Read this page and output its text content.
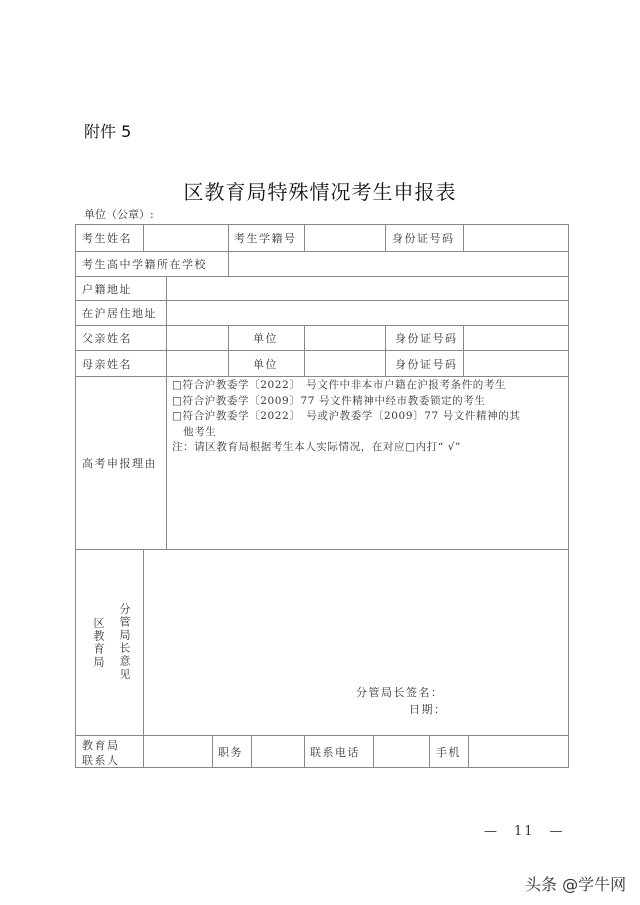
附件 5
区教育局特殊情况考生申报表
单位（公章）:
考生姓名	考生学籍号	身份证号码
考生高中学籍所在学校
户籍地址
在沪居住地址
父亲姓名	单位	身份证号码
母亲姓名	单位	身份证号码
高考申报理由
□符合沪教委学〔2022〕　号文件中非本市户籍在沪报考条件的考生
□符合沪教委学〔2009〕77 号文件精神中经市教委锁定的考生
□符合沪教委学〔2022〕　号或沪教委学〔2009〕77 号文件精神的其
　他考生
注：请区教育局根据考生本人实际情况，在对应□内打“ √”
区教育局 分管局长意见
分管局长签名：
日期：
教育局
联系人
职务	联系电话	手机
—　11　—
头条 @学牛网
